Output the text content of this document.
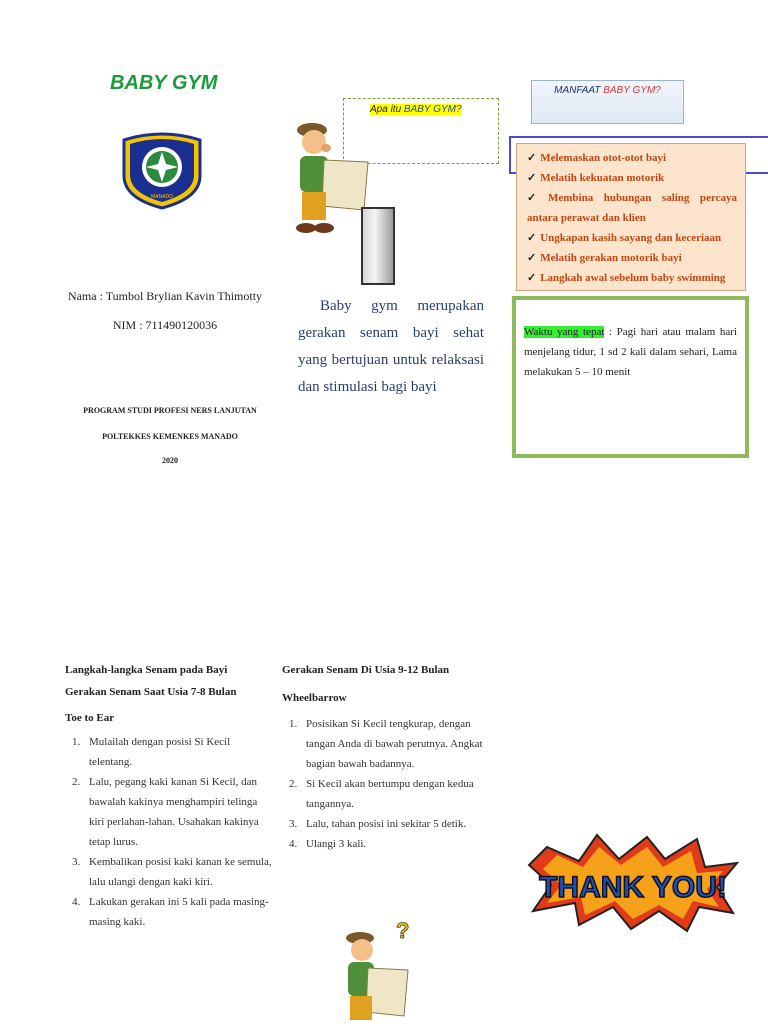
BABY GYM
MANADO
Nama : Tumbol Brylian Kavin Thimotty
NIM : 711490120036
PROGRAM STUDI PROFESI NERS LANJUTAN
POLTEKKES KEMENKES MANADO
2020
Apa itu BABY GYM?
Baby gym merupakan gerakan senam bayi sehat yang bertujuan untuk relaksasi dan stimulasi bagi bayi
MANFAAT BABY GYM?
✓ Melemaskan otot-otot bayi
✓ Melatih kekuatan motorik
✓ Membina hubungan saling percaya antara perawat dan klien
✓ Ungkapan kasih sayang dan keceriaan
✓ Melatih gerakan motorik bayi
✓ Langkah awal sebelum baby swimming
Waktu yang tepat : Pagi hari atau malam hari menjelang tidur, 1 sd 2 kali dalam sehari, Lama melakukan 5 – 10 menit
Langkah-langka Senam pada Bayi
Gerakan Senam Saat Usia 7-8 Bulan
Toe to Ear
1. Mulailah dengan posisi Si Kecil telentang.
2. Lalu, pegang kaki kanan Si Kecil, dan bawalah kakinya menghampiri telinga kiri perlahan-lahan. Usahakan kakinya tetap lurus.
3. Kembalikan posisi kaki kanan ke semula, lalu ulangi dengan kaki kiri.
4. Lakukan gerakan ini 5 kali pada masing-masing kaki.
Gerakan Senam Di Usia 9-12 Bulan
Wheelbarrow
1. Posisikan Si Kecil tengkurap, dengan tangan Anda di bawah perutnya. Angkat bagian bawah badannya.
2. Si Kecil akan bertumpu dengan kedua tangannya.
3. Lalu, tahan posisi ini sekitar 5 detik.
4. Ulangi 3 kali.
?
THANK YOU!
